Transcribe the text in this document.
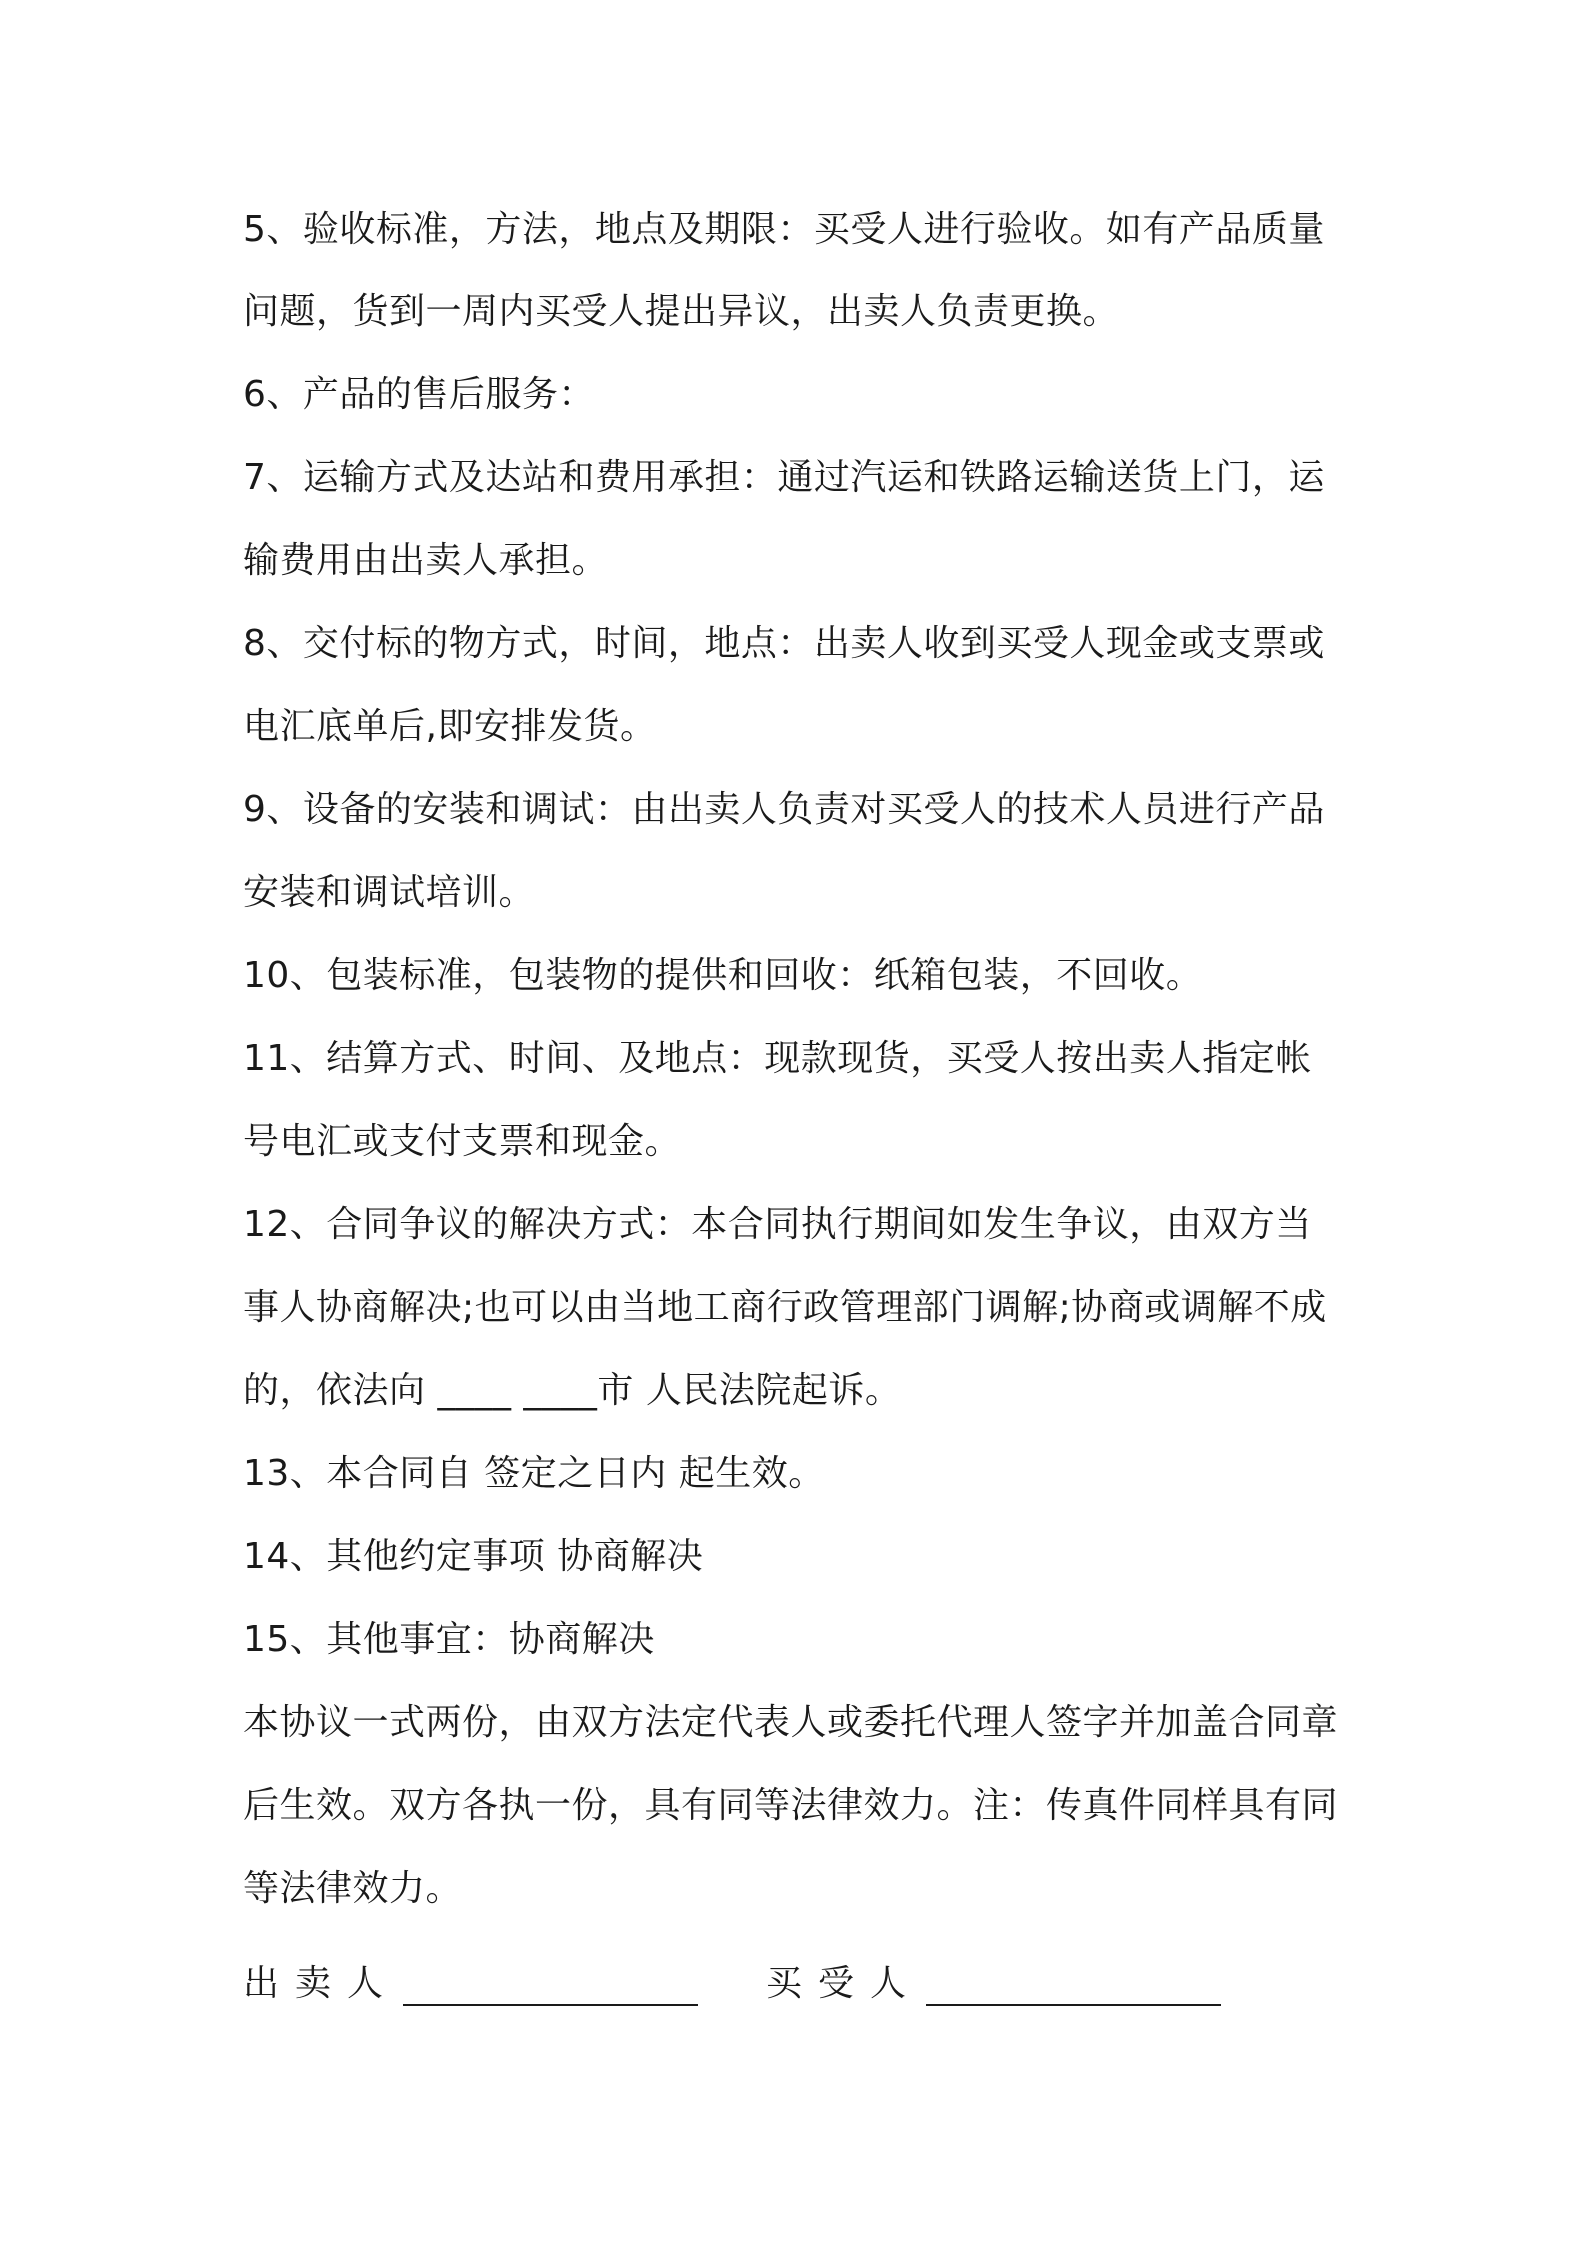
5、验收标准，方法，地点及期限：买受人进行验收。如有产品质量
问题，货到一周内买受人提出异议，出卖人负责更换。
6、产品的售后服务：
7、运输方式及达站和费用承担：通过汽运和铁路运输送货上门，运
输费用由出卖人承担。
8、交付标的物方式，时间，地点：出卖人收到买受人现金或支票或
电汇底单后,即安排发货。
9、设备的安装和调试：由出卖人负责对买受人的技术人员进行产品
安装和调试培训。
10、包装标准，包装物的提供和回收：纸箱包装，不回收。
11、结算方式、时间、及地点：现款现货，买受人按出卖人指定帐
号电汇或支付支票和现金。
12、合同争议的解决方式：本合同执行期间如发生争议，由双方当
事人协商解决;也可以由当地工商行政管理部门调解;协商或调解不成
的，依法向 ____ ____市 人民法院起诉。
13、本合同自 签定之日内 起生效。
14、其他约定事项 协商解决
15、其他事宜：协商解决
本协议一式两份，由双方法定代表人或委托代理人签字并加盖合同章
后生效。双方各执一份，具有同等法律效力。注：传真件同样具有同
等法律效力。
出卖人	买受人
